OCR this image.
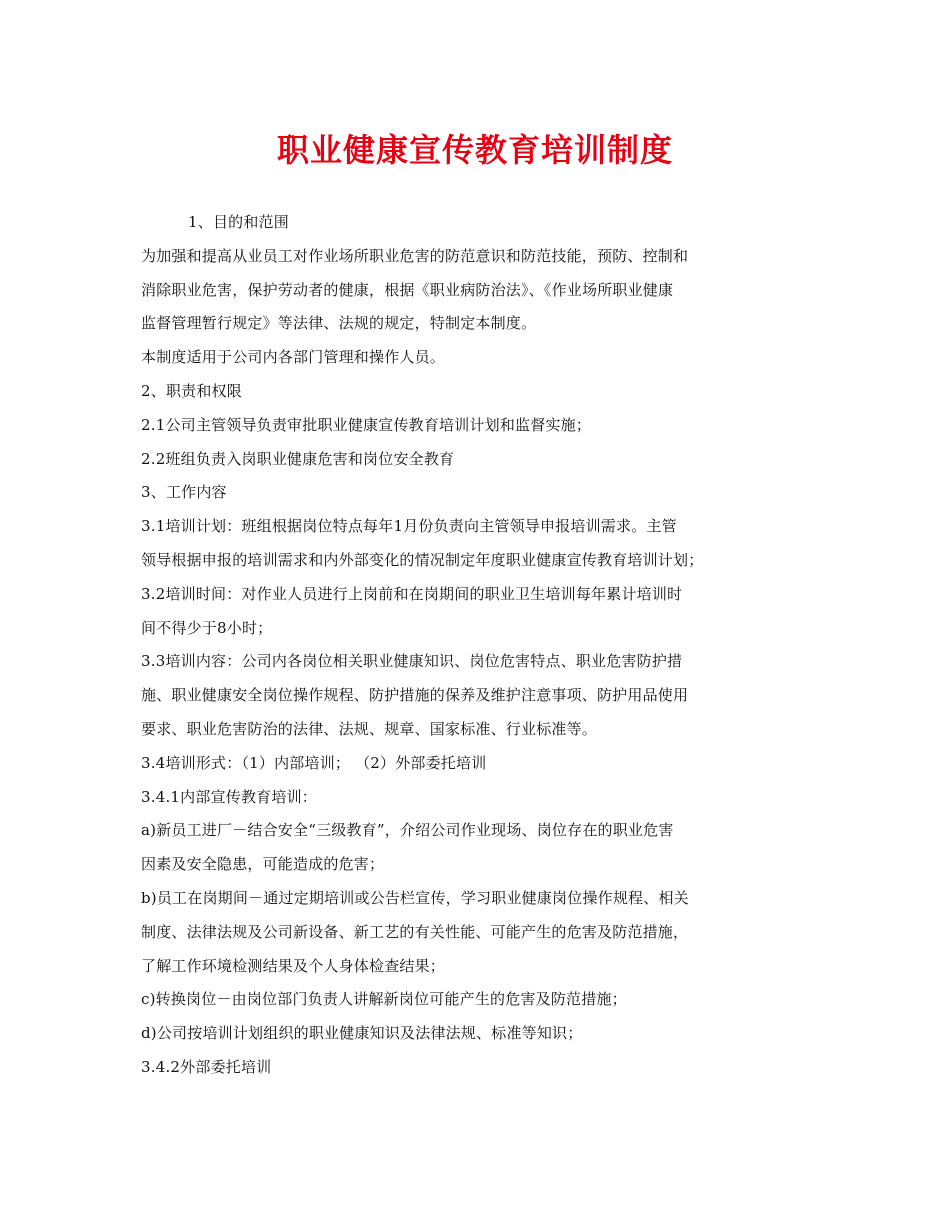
职业健康宣传教育培训制度
1、目的和范围
为加强和提高从业员工对作业场所职业危害的防范意识和防范技能，预防、控制和
消除职业危害，保护劳动者的健康，根据《职业病防治法》、《作业场所职业健康
监督管理暂行规定》等法律、法规的规定，特制定本制度。
本制度适用于公司内各部门管理和操作人员。
2、职责和权限
2.1公司主管领导负责审批职业健康宣传教育培训计划和监督实施；
2.2班组负责入岗职业健康危害和岗位安全教育
3、工作内容
3.1培训计划：班组根据岗位特点每年1月份负责向主管领导申报培训需求。主管
领导根据申报的培训需求和内外部变化的情况制定年度职业健康宣传教育培训计划；
3.2培训时间：对作业人员进行上岗前和在岗期间的职业卫生培训每年累计培训时
间不得少于8小时；
3.3培训内容：公司内各岗位相关职业健康知识、岗位危害特点、职业危害防护措
施、职业健康安全岗位操作规程、防护措施的保养及维护注意事项、防护用品使用
要求、职业危害防治的法律、法规、规章、国家标准、行业标准等。
3.4培训形式：（1）内部培训； （2）外部委托培训
3.4.1内部宣传教育培训：
a)新员工进厂－结合安全“三级教育”，介绍公司作业现场、岗位存在的职业危害
因素及安全隐患，可能造成的危害；
b)员工在岗期间－通过定期培训或公告栏宣传，学习职业健康岗位操作规程、相关
制度、法律法规及公司新设备、新工艺的有关性能、可能产生的危害及防范措施，
了解工作环境检测结果及个人身体检查结果；
c)转换岗位－由岗位部门负责人讲解新岗位可能产生的危害及防范措施；
d)公司按培训计划组织的职业健康知识及法律法规、标准等知识；
3.4.2外部委托培训
